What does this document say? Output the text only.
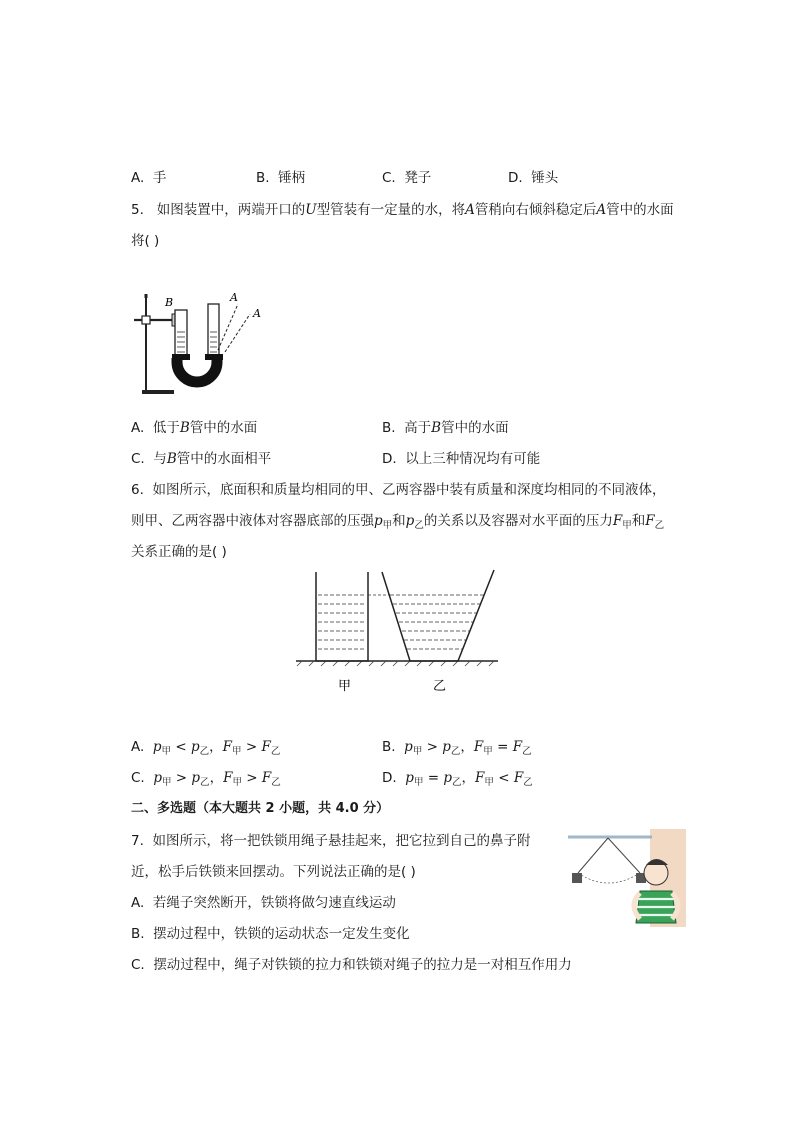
A. 手	B. 锤柄	C. 凳子	D. 锤头
5. 如图装置中，两端开口的U型管装有一定量的水，将A管稍向右倾斜稳定后A管中的水面
将( )
B	A
A
A. 低于B管中的水面	B. 高于B管中的水面
C. 与B管中的水面相平	D. 以上三种情况均有可能
6. 如图所示，底面积和质量均相同的甲、乙两容器中装有质量和深度均相同的不同液体，
则甲、乙两容器中液体对容器底部的压强$p_甲$和$p_乙$的关系以及容器对水平面的压力$F_甲$和$F_乙$
关系正确的是( )
甲	乙
A. $p_甲 < p_乙$，$F_甲 > F_乙$	B. $p_甲 > p_乙$，$F_甲 = F_乙$
C. $p_甲 > p_乙$，$F_甲 > F_乙$	D. $p_甲 = p_乙$，$F_甲 < F_乙$
二、多选题（本大题共 2 小题，共 4.0 分）
7. 如图所示，将一把铁锁用绳子悬挂起来，把它拉到自己的鼻子附
近，松手后铁锁来回摆动。下列说法正确的是( )
A. 若绳子突然断开，铁锁将做匀速直线运动
B. 摆动过程中，铁锁的运动状态一定发生变化
C. 摆动过程中，绳子对铁锁的拉力和铁锁对绳子的拉力是一对相互作用力
